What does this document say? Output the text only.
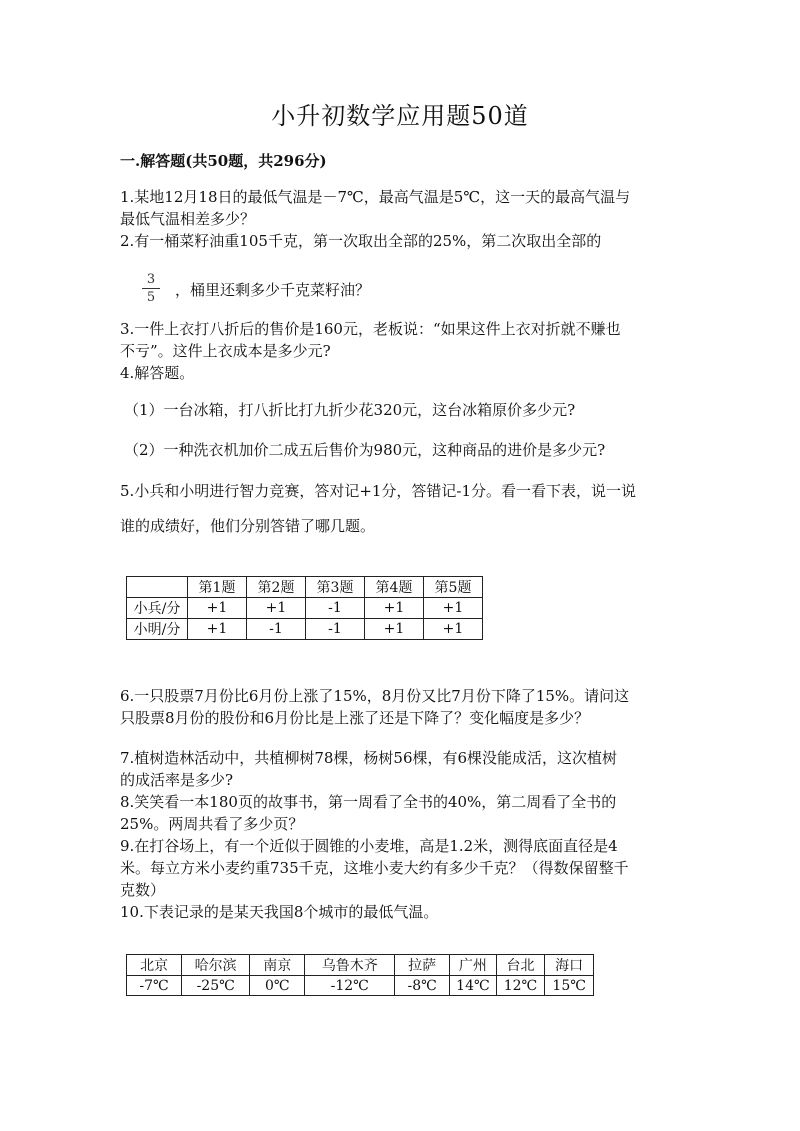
小升初数学应用题50道
一.解答题(共50题，共296分)
1.某地12月18日的最低气温是－7℃，最高气温是5℃，这一天的最高气温与
最低气温相差多少？
2.有一桶菜籽油重105千克，第一次取出全部的25%，第二次取出全部的
3
5	，桶里还剩多少千克菜籽油？
3.一件上衣打八折后的售价是160元，老板说：“如果这件上衣对折就不赚也
不亏”。这件上衣成本是多少元?
4.解答题。
（1）一台冰箱，打八折比打九折少花320元，这台冰箱原价多少元?
（2）一种洗衣机加价二成五后售价为980元，这种商品的进价是多少元?
5.小兵和小明进行智力竞赛，答对记+1分，答错记-1分。看一看下表，说一说
谁的成绩好，他们分别答错了哪几题。
	第1题	第2题	第3题	第4题	第5题
小兵/分	+1	+1	-1	+1	+1
小明/分	+1	-1	-1	+1	+1
6.一只股票7月份比6月份上涨了15%，8月份又比7月份下降了15%。请问这
只股票8月份的股份和6月份比是上涨了还是下降了？变化幅度是多少？
7.植树造林活动中，共植柳树78棵，杨树56棵，有6棵没能成活，这次植树
的成活率是多少?
8.笑笑看一本180页的故事书，第一周看了全书的40%，第二周看了全书的
25%。两周共看了多少页？
9.在打谷场上，有一个近似于圆锥的小麦堆，高是1.2米，测得底面直径是4
米。每立方米小麦约重735千克，这堆小麦大约有多少千克？（得数保留整千
克数）
10.下表记录的是某天我国8个城市的最低气温。
北京	哈尔滨	南京	乌鲁木齐	拉萨	广州	台北	海口
-7℃	-25℃	0℃	-12℃	-8℃	14℃	12℃	15℃
